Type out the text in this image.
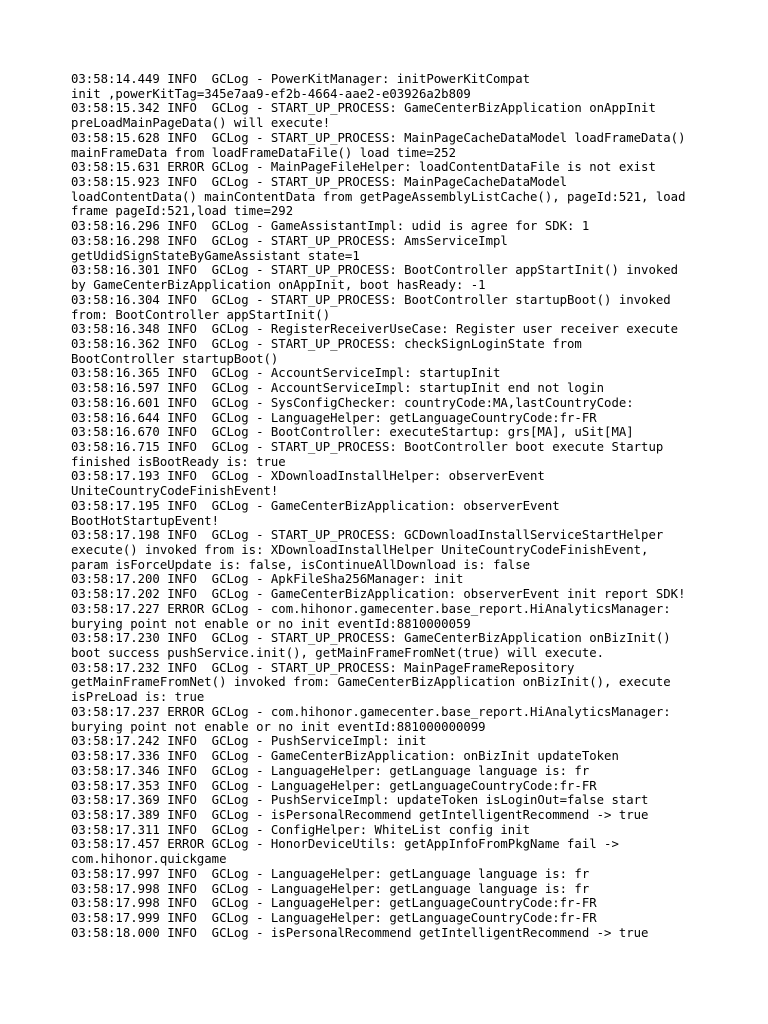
03:58:14.449 INFO  GCLog - PowerKitManager: initPowerKitCompat
init ,powerKitTag=345e7aa9-ef2b-4664-aae2-e03926a2b809
03:58:15.342 INFO  GCLog - START_UP_PROCESS: GameCenterBizApplication onAppInit
preLoadMainPageData() will execute!
03:58:15.628 INFO  GCLog - START_UP_PROCESS: MainPageCacheDataModel loadFrameData()
mainFrameData from loadFrameDataFile() load time=252
03:58:15.631 ERROR GCLog - MainPageFileHelper: loadContentDataFile is not exist
03:58:15.923 INFO  GCLog - START_UP_PROCESS: MainPageCacheDataModel
loadContentData() mainContentData from getPageAssemblyListCache(), pageId:521, load
frame pageId:521,load time=292
03:58:16.296 INFO  GCLog - GameAssistantImpl: udid is agree for SDK: 1
03:58:16.298 INFO  GCLog - START_UP_PROCESS: AmsServiceImpl
getUdidSignStateByGameAssistant state=1
03:58:16.301 INFO  GCLog - START_UP_PROCESS: BootController appStartInit() invoked
by GameCenterBizApplication onAppInit, boot hasReady: -1
03:58:16.304 INFO  GCLog - START_UP_PROCESS: BootController startupBoot() invoked
from: BootController appStartInit()
03:58:16.348 INFO  GCLog - RegisterReceiverUseCase: Register user receiver execute
03:58:16.362 INFO  GCLog - START_UP_PROCESS: checkSignLoginState from
BootController startupBoot()
03:58:16.365 INFO  GCLog - AccountServiceImpl: startupInit
03:58:16.597 INFO  GCLog - AccountServiceImpl: startupInit end not login
03:58:16.601 INFO  GCLog - SysConfigChecker: countryCode:MA,lastCountryCode:
03:58:16.644 INFO  GCLog - LanguageHelper: getLanguageCountryCode:fr-FR
03:58:16.670 INFO  GCLog - BootController: executeStartup: grs[MA], uSit[MA]
03:58:16.715 INFO  GCLog - START_UP_PROCESS: BootController boot execute Startup
finished isBootReady is: true
03:58:17.193 INFO  GCLog - XDownloadInstallHelper: observerEvent
UniteCountryCodeFinishEvent!
03:58:17.195 INFO  GCLog - GameCenterBizApplication: observerEvent
BootHotStartupEvent!
03:58:17.198 INFO  GCLog - START_UP_PROCESS: GCDownloadInstallServiceStartHelper
execute() invoked from is: XDownloadInstallHelper UniteCountryCodeFinishEvent,
param isForceUpdate is: false, isContinueAllDownload is: false
03:58:17.200 INFO  GCLog - ApkFileSha256Manager: init
03:58:17.202 INFO  GCLog - GameCenterBizApplication: observerEvent init report SDK!
03:58:17.227 ERROR GCLog - com.hihonor.gamecenter.base_report.HiAnalyticsManager:
burying point not enable or no init eventId:8810000059
03:58:17.230 INFO  GCLog - START_UP_PROCESS: GameCenterBizApplication onBizInit()
boot success pushService.init(), getMainFrameFromNet(true) will execute.
03:58:17.232 INFO  GCLog - START_UP_PROCESS: MainPageFrameRepository
getMainFrameFromNet() invoked from: GameCenterBizApplication onBizInit(), execute
isPreLoad is: true
03:58:17.237 ERROR GCLog - com.hihonor.gamecenter.base_report.HiAnalyticsManager:
burying point not enable or no init eventId:881000000099
03:58:17.242 INFO  GCLog - PushServiceImpl: init
03:58:17.336 INFO  GCLog - GameCenterBizApplication: onBizInit updateToken
03:58:17.346 INFO  GCLog - LanguageHelper: getLanguage language is: fr
03:58:17.353 INFO  GCLog - LanguageHelper: getLanguageCountryCode:fr-FR
03:58:17.369 INFO  GCLog - PushServiceImpl: updateToken isLoginOut=false start
03:58:17.389 INFO  GCLog - isPersonalRecommend getIntelligentRecommend -> true
03:58:17.311 INFO  GCLog - ConfigHelper: WhiteList config init
03:58:17.457 ERROR GCLog - HonorDeviceUtils: getAppInfoFromPkgName fail ->
com.hihonor.quickgame
03:58:17.997 INFO  GCLog - LanguageHelper: getLanguage language is: fr
03:58:17.998 INFO  GCLog - LanguageHelper: getLanguage language is: fr
03:58:17.998 INFO  GCLog - LanguageHelper: getLanguageCountryCode:fr-FR
03:58:17.999 INFO  GCLog - LanguageHelper: getLanguageCountryCode:fr-FR
03:58:18.000 INFO  GCLog - isPersonalRecommend getIntelligentRecommend -> true
